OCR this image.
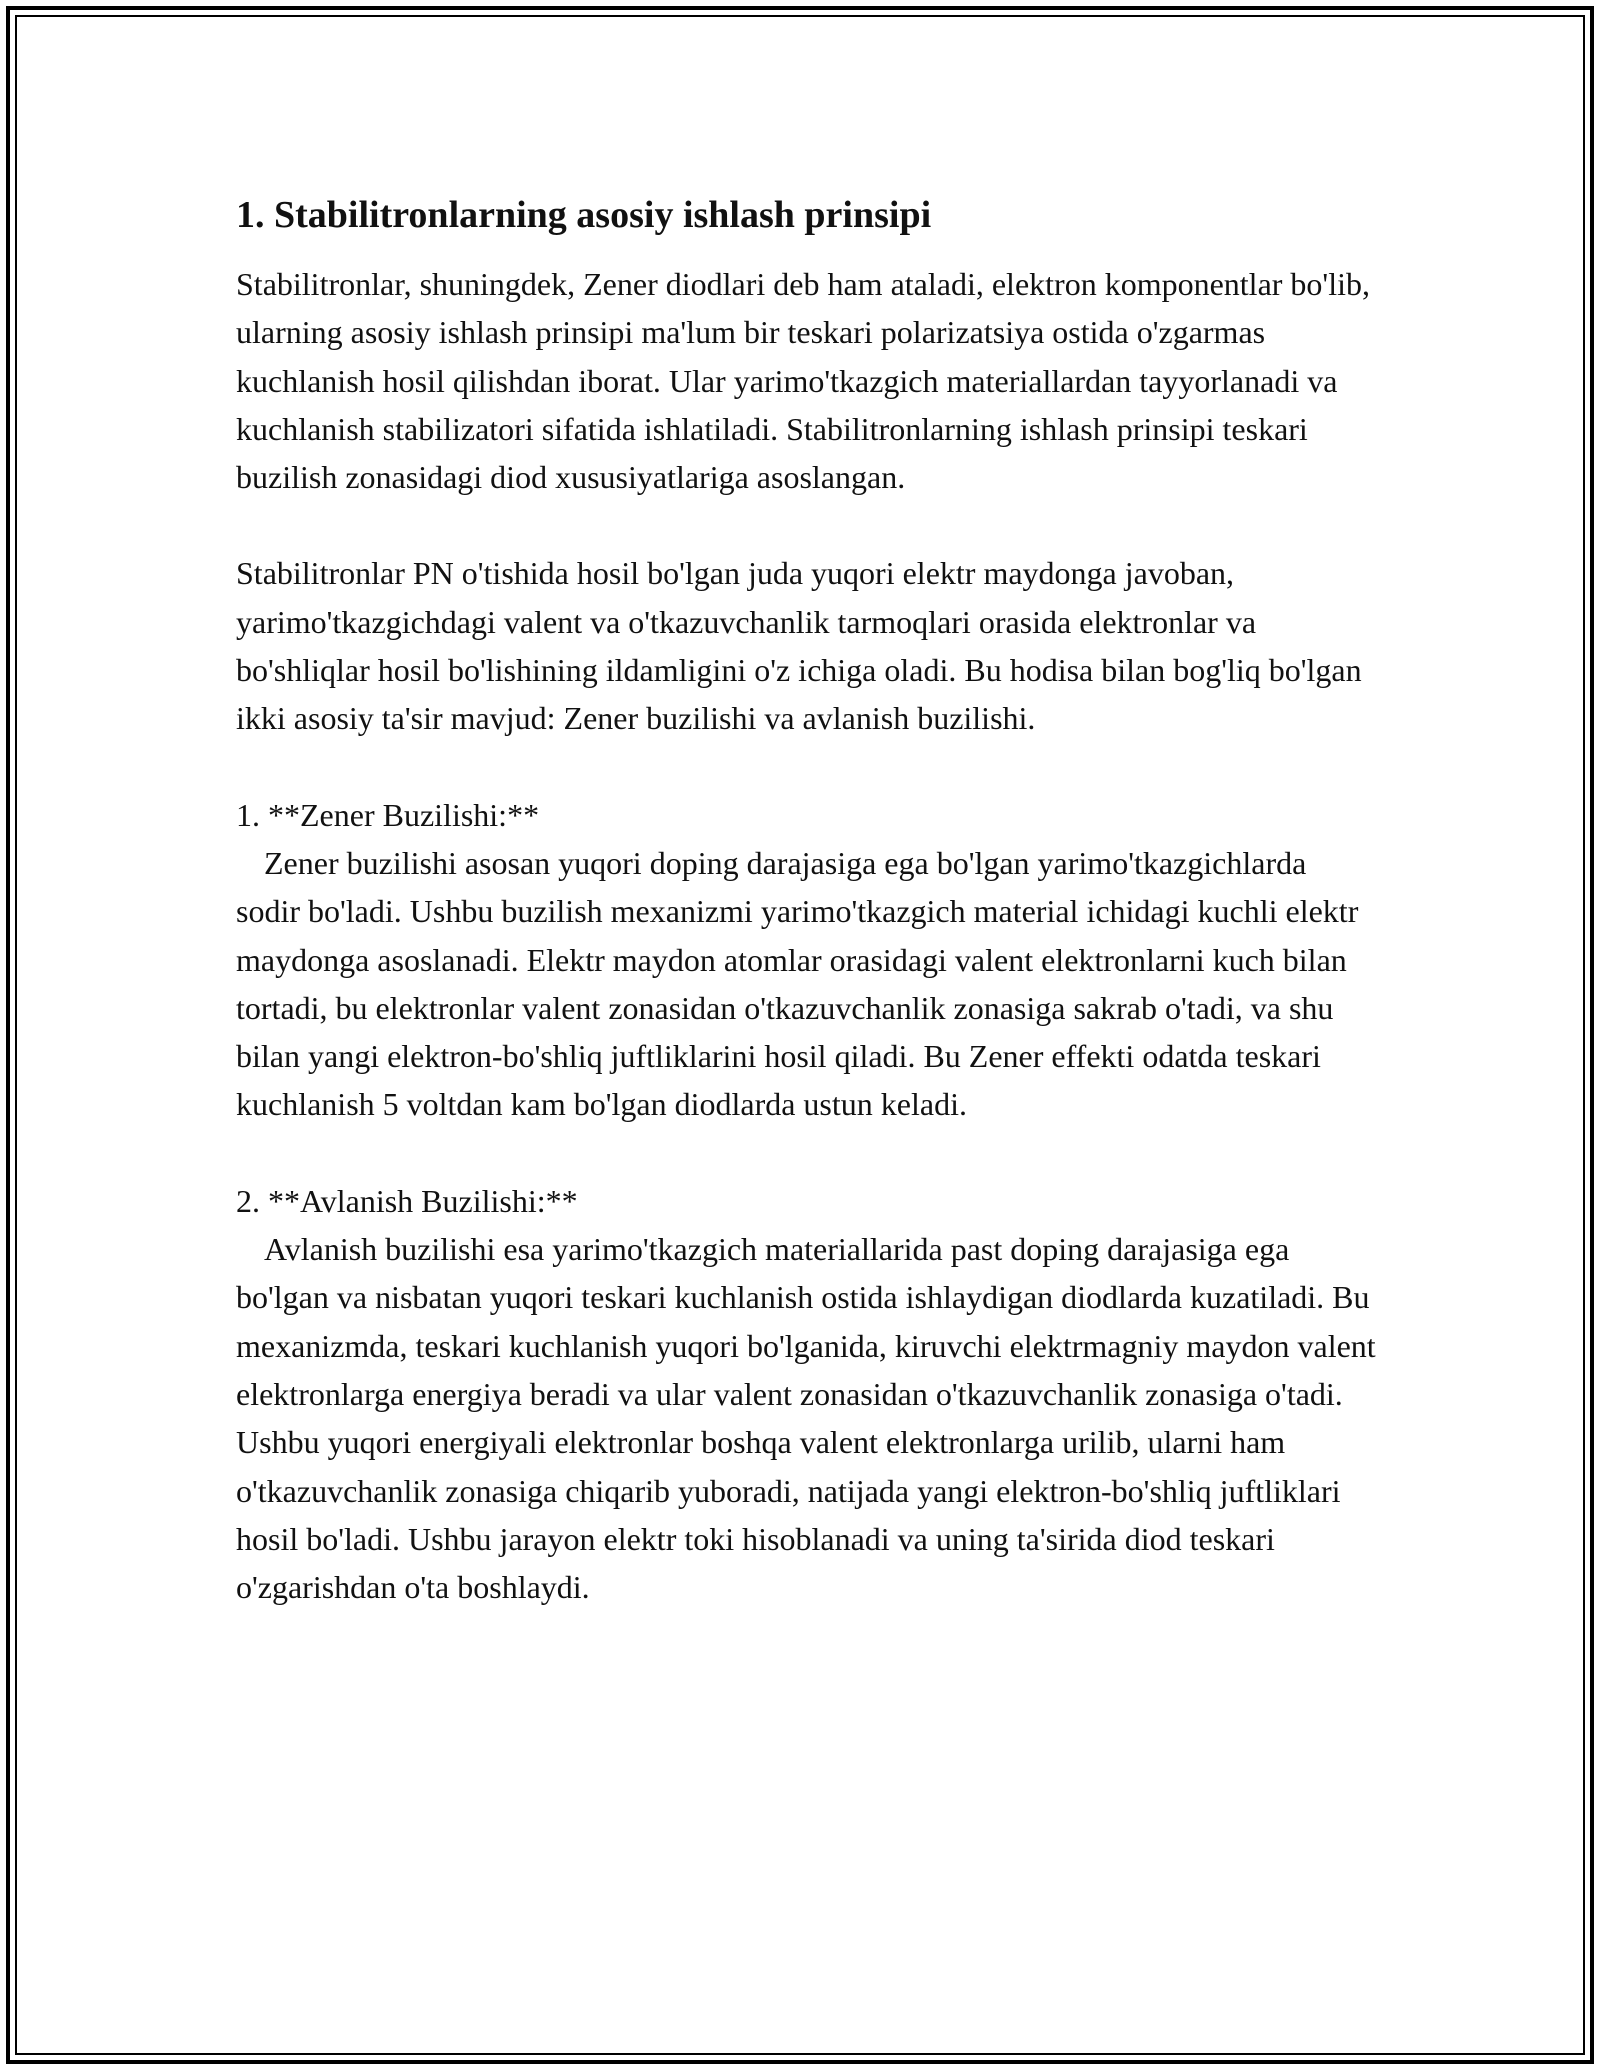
1. Stabilitronlarning asosiy ishlash prinsipi

Stabilitronlar, shuningdek, Zener diodlari deb ham ataladi, elektron komponentlar bo'lib, ularning asosiy ishlash prinsipi ma'lum bir teskari polarizatsiya ostida o'zgarmas kuchlanish hosil qilishdan iborat. Ular yarimo'tkazgich materiallardan tayyorlanadi va kuchlanish stabilizatori sifatida ishlatiladi. Stabilitronlarning ishlash prinsipi teskari buzilish zonasidagi diod xususiyatlariga asoslangan.

Stabilitronlar PN o'tishida hosil bo'lgan juda yuqori elektr maydonga javoban, yarimo'tkazgichdagi valent va o'tkazuvchanlik tarmoqlari orasida elektronlar va bo'shliqlar hosil bo'lishining ildamligini o'z ichiga oladi. Bu hodisa bilan bog'liq bo'lgan ikki asosiy ta'sir mavjud: Zener buzilishi va avlanish buzilishi.

1. **Zener Buzilishi:**
Zener buzilishi asosan yuqori doping darajasiga ega bo'lgan yarimo'tkazgichlarda sodir bo'ladi. Ushbu buzilish mexanizmi yarimo'tkazgich material ichidagi kuchli elektr maydonga asoslanadi. Elektr maydon atomlar orasidagi valent elektronlarni kuch bilan tortadi, bu elektronlar valent zonasidan o'tkazuvchanlik zonasiga sakrab o'tadi, va shu bilan yangi elektron-bo'shliq juftliklarini hosil qiladi. Bu Zener effekti odatda teskari kuchlanish 5 voltdan kam bo'lgan diodlarda ustun keladi.
2. **Avlanish Buzilishi:**
Avlanish buzilishi esa yarimo'tkazgich materiallarida past doping darajasiga ega bo'lgan va nisbatan yuqori teskari kuchlanish ostida ishlaydigan diodlarda kuzatiladi. Bu mexanizmda, teskari kuchlanish yuqori bo'lganida, kiruvchi elektrmagniy maydon valent elektronlarga energiya beradi va ular valent zonasidan o'tkazuvchanlik zonasiga o'tadi. Ushbu yuqori energiyali elektronlar boshqa valent elektronlarga urilib, ularni ham o'tkazuvchanlik zonasiga chiqarib yuboradi, natijada yangi elektron-bo'shliq juftliklari hosil bo'ladi. Ushbu jarayon elektr toki hisoblanadi va uning ta'sirida diod teskari o'zgarishdan o'ta boshlaydi.
